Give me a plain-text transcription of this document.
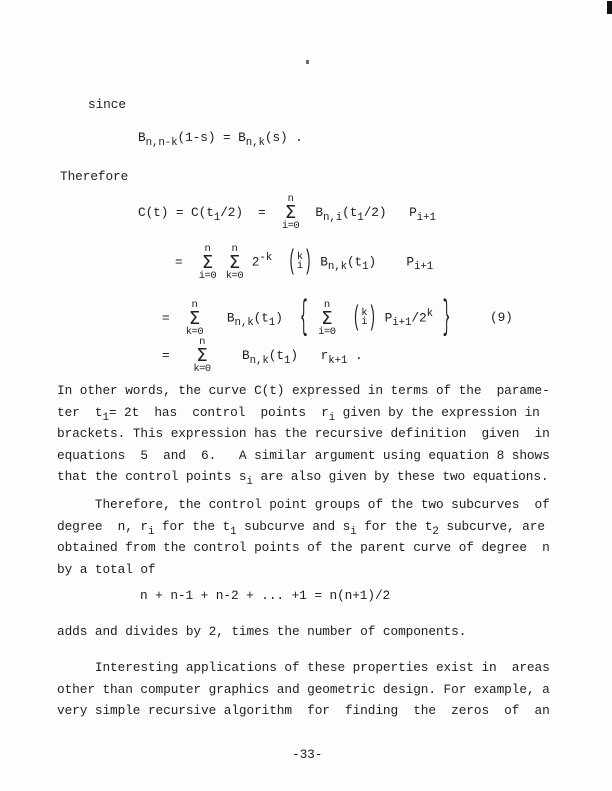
since
$B_{n,n-k}(1-s) = B_{n,k}(s)$ .
Therefore
$C(t) = C(t_1/2)$  =
n
Σ
i=0
$B_{n,i}(t_1/2)$   $P_{i+1}$
=
n
Σ
i=0

n
Σ
k=0
$2^{-k}$ ( k
i ) $B_{n,k}(t_1)$    $P_{i+1}$
=
n
Σ
k=0
$B_{n,k}(t_1)$  { n
Σ
i=0
( k
i ) $P_{i+1}/2^k$ }	(9)
=
n
Σ
k=0
$B_{n,k}(t_1)$   $r_{k+1}$ .
In other words, the curve C(t) expressed in terms of the  parame-
ter  $t_1= 2t$  has  control  points  $r_i$ given by the expression in
brackets. This expression has the recursive definition  given  in
equations  5  and  6.   A similar argument using equation 8 shows
that the control points $s_i$ are also given by these two equations.
Therefore, the control point groups of the two subcurves  of
degree  n, $r_i$ for the $t_1$ subcurve and $s_i$ for the $t_2$ subcurve, are
obtained from the control points of the parent curve of degree  n
by a total of
n + n-1 + n-2 + ... +1 = n(n+1)/2
adds and divides by 2, times the number of components.
Interesting applications of these properties exist in  areas
other than computer graphics and geometric design. For example, a
very simple recursive algorithm  for  finding  the  zeros  of  an
-33-
